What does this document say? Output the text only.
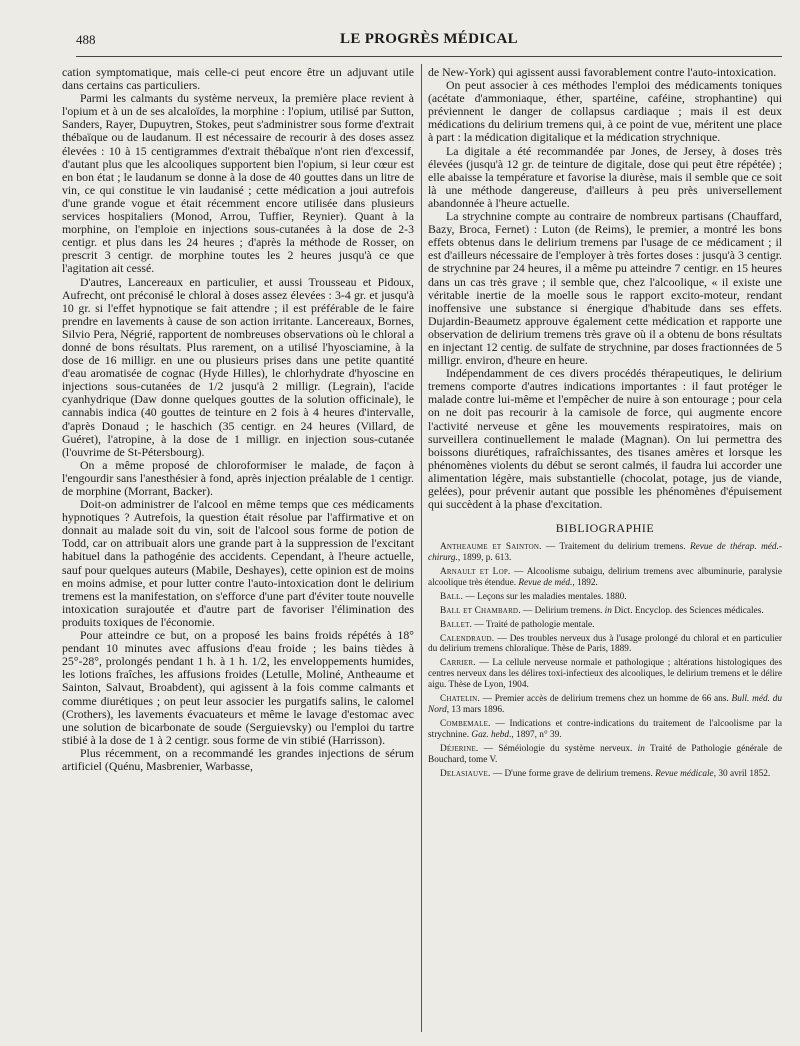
488	LE PROGRÈS MÉDICAL

cation symptomatique, mais celle-ci peut encore être un adjuvant utile dans certains cas particuliers.

Parmi les calmants du système nerveux, la première place revient à l'opium et à un de ses alcaloïdes, la morphine : l'opium, utilisé par Sutton, Sanders, Rayer, Dupuytren, Stokes, peut s'administrer sous forme d'extrait thébaïque ou de laudanum. Il est nécessaire de recourir à des doses assez élevées : 10 à 15 centigrammes d'extrait thébaïque n'ont rien d'excessif, d'autant plus que les alcooliques supportent bien l'opium, si leur cœur est en bon état ; le laudanum se donne à la dose de 40 gouttes dans un litre de vin, ce qui constitue le vin laudanisé ; cette médication a joui autrefois d'une grande vogue et était récemment encore utilisée dans plusieurs services hospitaliers (Monod, Arrou, Tuffier, Reynier). Quant à la morphine, on l'emploie en injections sous-cutanées à la dose de 2-3 centigr. et plus dans les 24 heures ; d'après la méthode de Rosser, on prescrit 3 centigr. de morphine toutes les 2 heures jusqu'à ce que l'agitation ait cessé.

D'autres, Lancereaux en particulier, et aussi Trousseau et Pidoux, Aufrecht, ont préconisé le chloral à doses assez élevées : 3-4 gr. et jusqu'à 10 gr. si l'effet hypnotique se fait attendre ; il est préférable de le faire prendre en lavements à cause de son action irritante. Lancereaux, Bornes, Silvio Pera, Négrié, rapportent de nombreuses observations où le chloral a donné de bons résultats. Plus rarement, on a utilisé l'hyosciamine, à la dose de 16 milligr. en une ou plusieurs prises dans une petite quantité d'eau aromatisée de cognac (Hyde Hilles), le chlorhydrate d'hyoscine en injections sous-cutanées de 1/2 jusqu'à 2 milligr. (Legrain), l'acide cyanhydrique (Daw donne quelques gouttes de la solution officinale), le cannabis indica (40 gouttes de teinture en 2 fois à 4 heures d'intervalle, d'après Donaud ; le haschich (35 centigr. en 24 heures (Villard, de Guéret), l'atropine, à la dose de 1 milligr. en injection sous-cutanée (l'ouvrime de St-Pétersbourg).

On a même proposé de chloroformiser le malade, de façon à l'engourdir sans l'anesthésier à fond, après injection préalable de 1 centigr. de morphine (Morrant, Backer).

Doit-on administrer de l'alcool en même temps que ces médicaments hypnotiques ? Autrefois, la question était résolue par l'affirmative et on donnait au malade soit du vin, soit de l'alcool sous forme de potion de Todd, car on attribuait alors une grande part à la suppression de l'excitant habituel dans la pathogénie des accidents. Cependant, à l'heure actuelle, sauf pour quelques auteurs (Mabile, Deshayes), cette opinion est de moins en moins admise, et pour lutter contre l'auto-intoxication dont le delirium tremens est la manifestation, on s'efforce d'une part d'éviter toute nouvelle intoxication surajoutée et d'autre part de favoriser l'élimination des produits toxiques de l'économie.

Pour atteindre ce but, on a proposé les bains froids répétés à 18° pendant 10 minutes avec affusions d'eau froide ; les bains tièdes à 25°-28°, prolongés pendant 1 h. à 1 h. 1/2, les enveloppements humides, les lotions fraîches, les affusions froides (Letulle, Moliné, Antheaume et Sainton, Salvaut, Broabdent), qui agissent à la fois comme calmants et comme diurétiques ; on peut leur associer les purgatifs salins, le calomel (Crothers), les lavements évacuateurs et même le lavage d'estomac avec une solution de bicarbonate de soude (Serguievsky) ou l'emploi du tartre stibié à la dose de 1 à 2 centigr. sous forme de vin stibié (Harrisson).

Plus récemment, on a recommandé les grandes injections de sérum artificiel (Quénu, Masbrenier, Warbasse,

de New-York) qui agissent aussi favorablement contre l'auto-intoxication.

On peut associer à ces méthodes l'emploi des médicaments toniques (acétate d'ammoniaque, éther, spartéine, caféine, strophantine) qui préviennent le danger de collapsus cardiaque ; mais il est deux médications du delirium tremens qui, à ce point de vue, méritent une place à part : la médication digitalique et la médication strychnique.

La digitale a été recommandée par Jones, de Jersey, à doses très élevées (jusqu'à 12 gr. de teinture de digitale, dose qui peut être répétée) ; elle abaisse la température et favorise la diurèse, mais il semble que ce soit là une méthode dangereuse, d'ailleurs à peu près universellement abandonnée à l'heure actuelle.

La strychnine compte au contraire de nombreux partisans (Chauffard, Bazy, Broca, Fernet) : Luton (de Reims), le premier, a montré les bons effets obtenus dans le delirium tremens par l'usage de ce médicament ; il est d'ailleurs nécessaire de l'employer à très fortes doses : jusqu'à 3 centigr. de strychnine par 24 heures, il a même pu atteindre 7 centigr. en 15 heures dans un cas très grave ; il semble que, chez l'alcoolique, « il existe une véritable inertie de la moelle sous le rapport excito-moteur, rendant inoffensive une substance si énergique d'habitude dans ses effets. Dujardin-Beaumetz approuve également cette médication et rapporte une observation de delirium tremens très grave où il a obtenu de bons résultats en injectant 12 centig. de sulfate de strychnine, par doses fractionnées de 5 milligr. environ, d'heure en heure.

Indépendamment de ces divers procédés thérapeutiques, le delirium tremens comporte d'autres indications importantes : il faut protéger le malade contre lui-même et l'empêcher de nuire à son entourage ; pour cela on ne doit pas recourir à la camisole de force, qui augmente encore l'activité nerveuse et gêne les mouvements respiratoires, mais on surveillera continuellement le malade (Magnan). On lui permettra des boissons diurétiques, rafraîchissantes, des tisanes amères et lorsque les phénomènes violents du début se seront calmés, il faudra lui accorder une alimentation légère, mais substantielle (chocolat, potage, jus de viande, gelées), pour prévenir autant que possible les phénomènes d'épuisement qui succèdent à la phase d'excitation.

BIBLIOGRAPHIE

Antheaume et Sainton. — Traitement du delirium tremens. Revue de thérap. méd.-chirurg., 1899, p. 613.

Arnault et Lop. — Alcoolisme subaigu, delirium tremens avec albuminurie, paralysie alcoolique très étendue. Revue de méd., 1892.

Ball. — Leçons sur les maladies mentales. 1880.

Ball et Chambard. — Delirium tremens. in Dict. Encyclop. des Sciences médicales.

Ballet. — Traité de pathologie mentale.

Calendraud. — Des troubles nerveux dus à l'usage prolongé du chloral et en particulier du delirium tremens chloralique. Thèse de Paris, 1889.

Carrier. — La cellule nerveuse normale et pathologique ; altérations histologiques des centres nerveux dans les délires toxi-infectieux des alcooliques, le delirium tremens et le délire aigu. Thèse de Lyon, 1904.

Chatelin. — Premier accès de delirium tremens chez un homme de 66 ans. Bull. méd. du Nord, 13 mars 1896.

Combemale. — Indications et contre-indications du traitement de l'alcoolisme par la strychnine. Gaz. hebd., 1897, n° 39.

Déjerine. — Séméiologie du système nerveux. in Traité de Pathologie générale de Bouchard, tome V.

Delasiauve. — D'une forme grave de delirium tremens. Revue médicale, 30 avril 1852.
